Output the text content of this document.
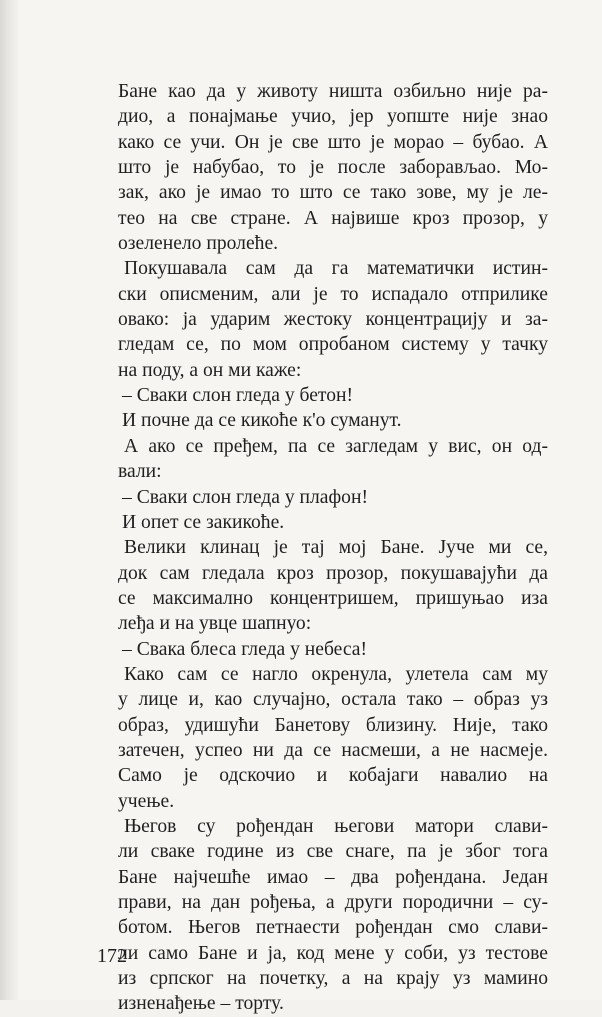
Бане као да у животу ништа озбиљно није ра-
дио, а понајмање учио, јер уопште није знао
како се учи. Он је све што је морао – бубао. А
што је набубао, то је после заборављао. Мо-
зак, ако је имао то што се тако зове, му је ле-
тео на све стране. А највише кроз прозор, у
озеленело пролеће.
Покушавала сам да га математички истин-
ски описменим, али је то испадало отприлике
овако: ја ударим жестоку концентрацију и за-
гледам се, по мом опробаном систему у тачку
на поду, а он ми каже:
– Сваки слон гледа у бетон!
И почне да се кикоће к'о суманут.
А ако се пређем, па се загледам у вис, он од-
вали:
– Сваки слон гледа у плафон!
И опет се закикоће.
Велики клинац је тај мој Бане. Јуче ми се,
док сам гледала кроз прозор, покушавајући да
се максимално концентришем, пришуњао иза
леђа и на увце шапнуо:
– Свака блеса гледа у небеса!
Како сам се нагло окренула, улетела сам му
у лице и, као случајно, остала тако – образ уз
образ, удишући Банетову близину. Није, тако
затечен, успео ни да се насмеши, а не насмеје.
Само је одскочио и кобајаги навалио на
учење.
Његов су рођендан његови матори слави-
ли сваке године из све снаге, па је због тога
Бане најчешће имао – два рођендана. Један
прави, на дан рођења, а други породични – су-
ботом. Његов петнаести рођендан смо слави-
ли само Бане и ја, код мене у соби, уз тестове
из српског на почетку, а на крају уз мамино
изненађење – торту.
172
